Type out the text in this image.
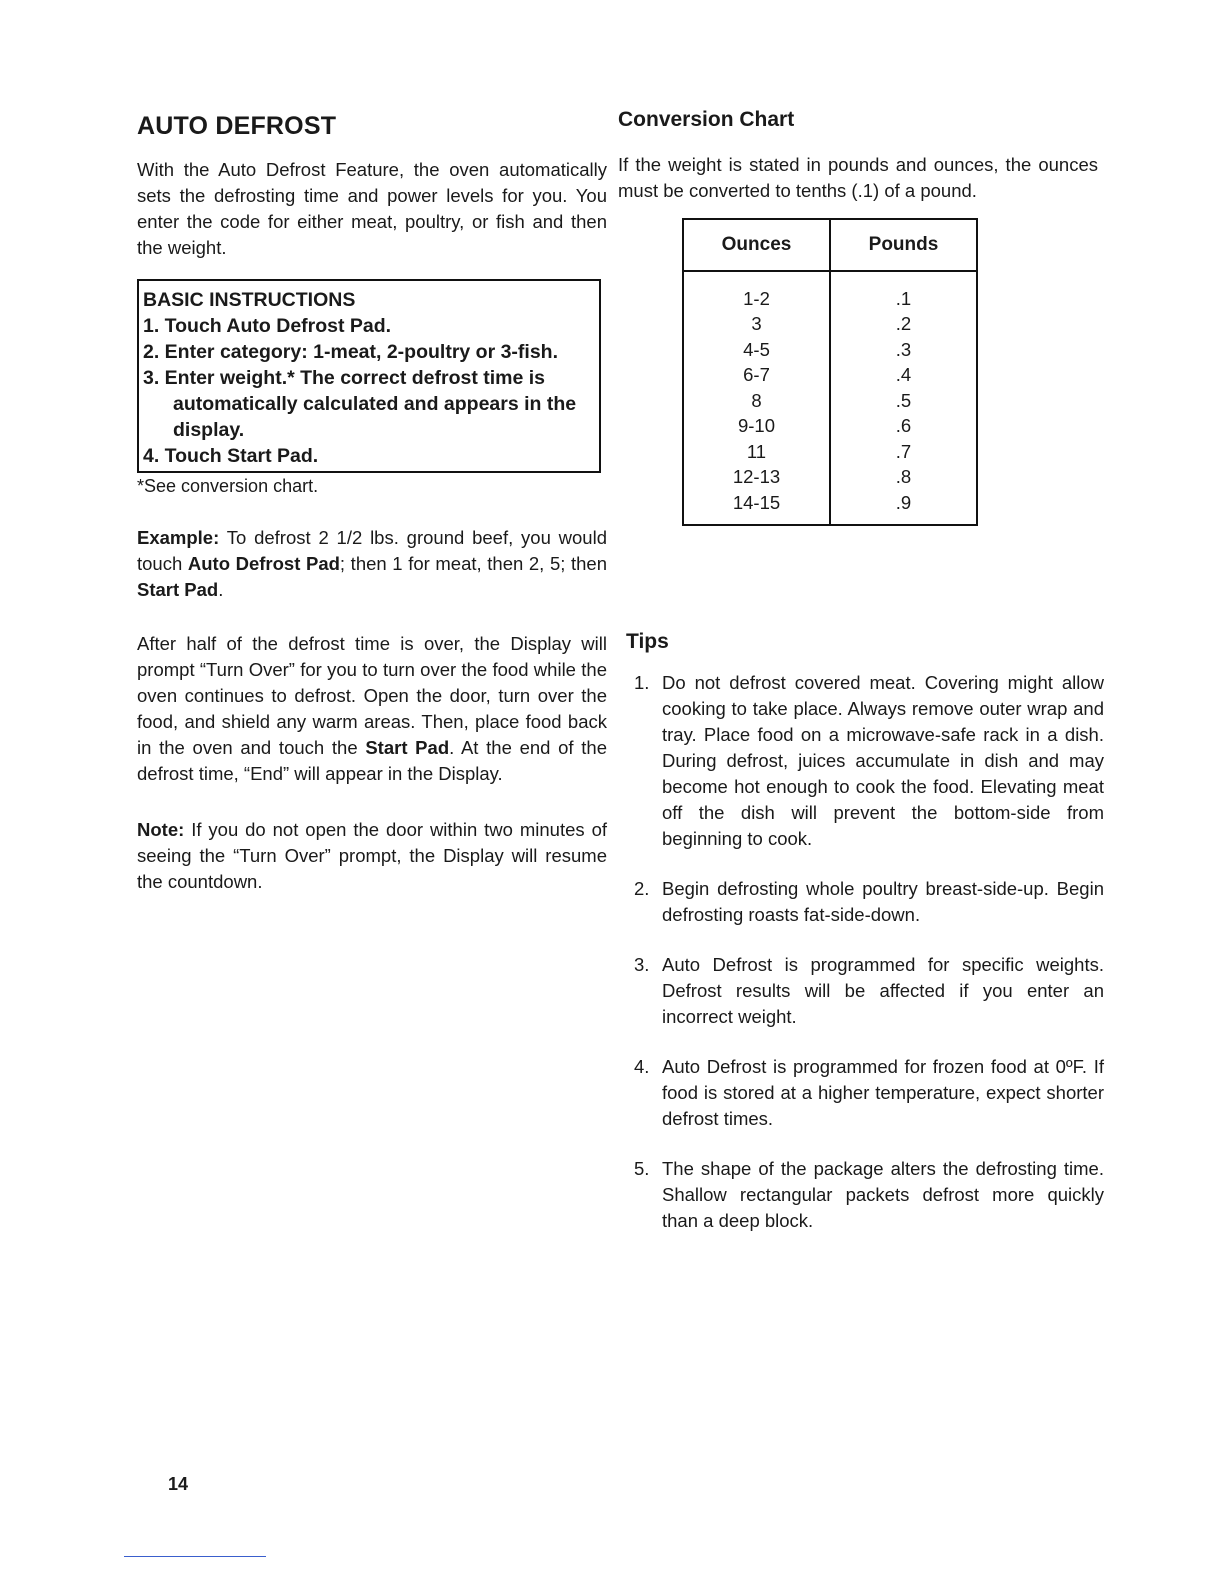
AUTO DEFROST

With the Auto Defrost Feature, the oven automatically sets the defrosting time and power levels for you. You enter the code for either meat, poultry, or fish and then the weight.

BASIC INSTRUCTIONS
1. Touch Auto Defrost Pad.
2. Enter category: 1-meat, 2-poultry or 3-fish.
3. Enter weight.* The correct defrost time is
automatically calculated and appears in the
display.
4. Touch Start Pad.

*See conversion chart.

Example: To defrost 2 1/2 lbs. ground beef, you would touch Auto Defrost Pad; then 1 for meat, then 2, 5; then Start Pad.

After half of the defrost time is over, the Display will prompt “Turn Over” for you to turn over the food while the oven continues to defrost. Open the door, turn over the food, and shield any warm areas. Then, place food back in the oven and touch the Start Pad. At the end of the defrost time, “End” will appear in the Display.

Note: If you do not open the door within two minutes of seeing the “Turn Over” prompt, the Display will resume the countdown.

Conversion Chart

If the weight is stated in pounds and ounces, the ounces must be converted to tenths (.1) of a pound.

Ounces	Pounds
1-2	.1
3	.2
4-5	.3
6-7	.4
8	.5
9-10	.6
11	.7
12-13	.8
14-15	.9
Tips
1. Do not defrost covered meat. Covering might allow cooking to take place. Always remove outer wrap and tray. Place food on a microwave-safe rack in a dish. During defrost, juices accumulate in dish and may become hot enough to cook the food. Elevating meat off the dish will prevent the bottom-side from beginning to cook.
2. Begin defrosting whole poultry breast-side-up. Begin defrosting roasts fat-side-down.
3. Auto Defrost is programmed for specific weights. Defrost results will be affected if you enter an incorrect weight.
4. Auto Defrost is programmed for frozen food at 0ºF. If food is stored at a higher temperature, expect shorter defrost times.
5. The shape of the package alters the defrosting time. Shallow rectangular packets defrost more quickly than a deep block.
14
